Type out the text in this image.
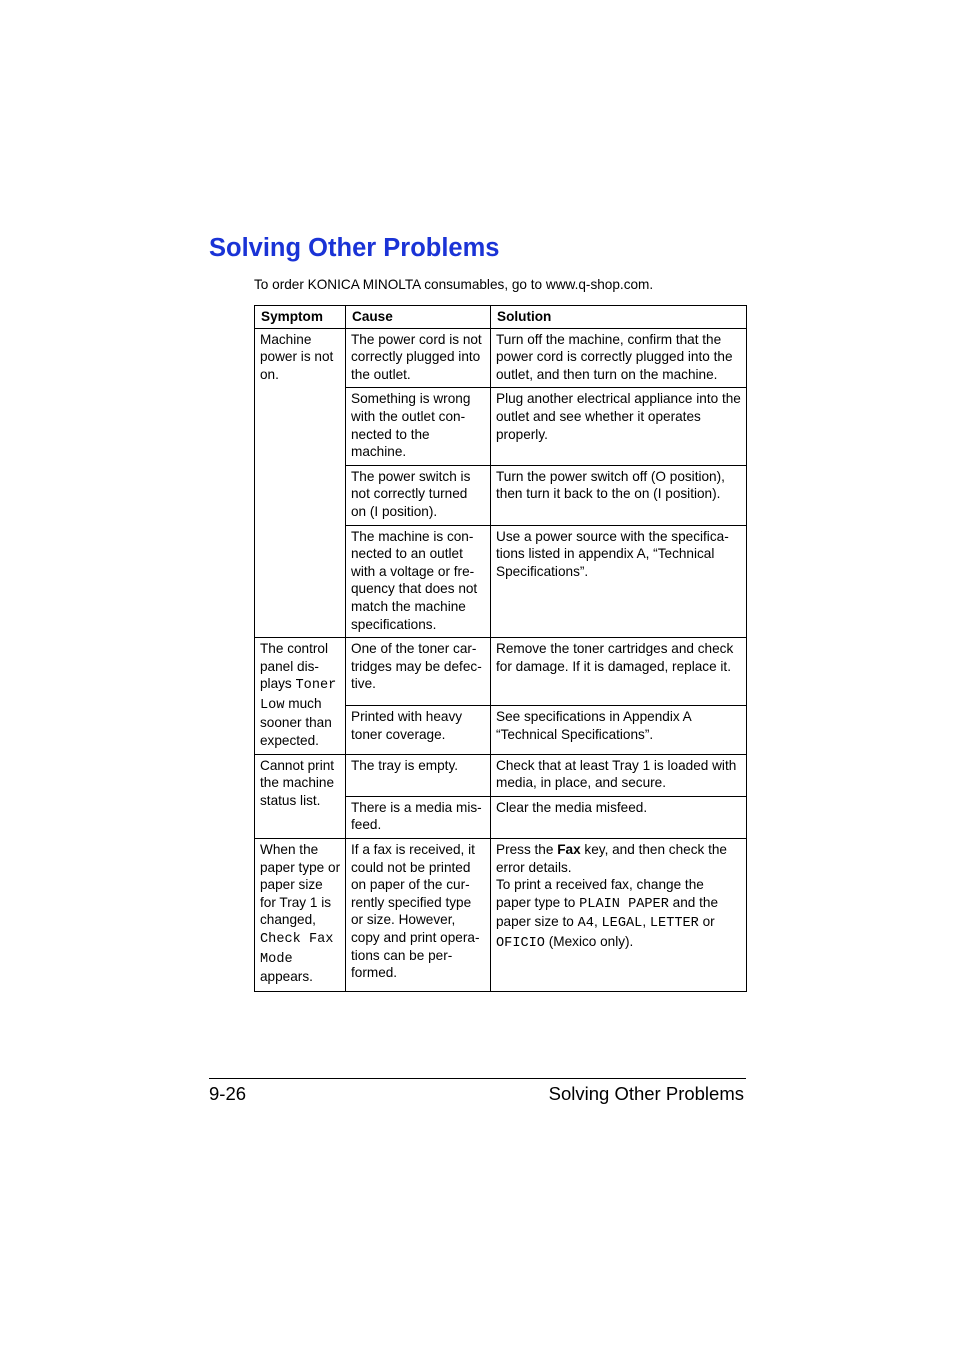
Solving Other Problems
To order KONICA MINOLTA consumables, go to www.q-shop.com.
Symptom	Cause	Solution
Machine power is not on.	The power cord is not correctly plugged into the outlet.	Turn off the machine, confirm that the power cord is correctly plugged into the outlet, and then turn on the machine.
	Something is wrong with the outlet connected to the machine.	Plug another electrical appliance into the outlet and see whether it operates properly.
	The power switch is not correctly turned on (I position).	Turn the power switch off (O position), then turn it back to the on (I position).
	The machine is connected to an outlet with a voltage or frequency that does not match the machine specifications.	Use a power source with the specifications listed in appendix A, “Technical Specifications”.
The control panel displays Toner Low much sooner than expected.	One of the toner cartridges may be defective.	Remove the toner cartridges and check for damage. If it is damaged, replace it.
	Printed with heavy toner coverage.	See specifications in Appendix A “Technical Specifications”.
Cannot print the machine status list.	The tray is empty.	Check that at least Tray 1 is loaded with media, in place, and secure.
	There is a media misfeed.	Clear the media misfeed.
When the paper type or paper size for Tray 1 is changed, Check Fax Mode appears.	If a fax is received, it could not be printed on paper of the currently specified type or size. However, copy and print operations can be performed.	Press the Fax key, and then check the error details.
To print a received fax, change the paper type to PLAIN PAPER and the paper size to A4, LEGAL, LETTER or OFICIO (Mexico only).
9-26	Solving Other Problems
